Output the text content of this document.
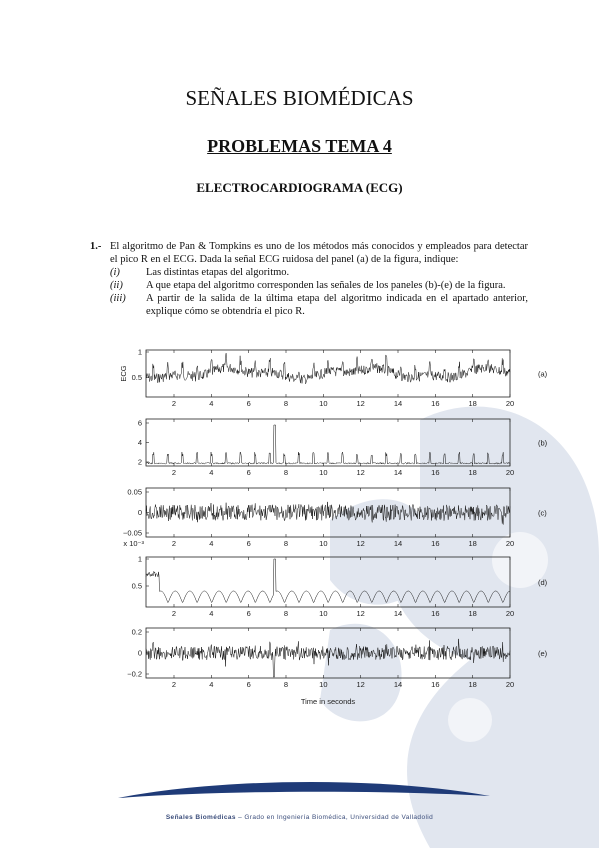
SEÑALES BIOMÉDICAS
PROBLEMAS TEMA 4
ELECTROCARDIOGRAMA (ECG)
1.- El algoritmo de Pan & Tompkins es uno de los métodos más conocidos y empleados para detectar el pico R en el ECG. Dada la señal ECG ruidosa del panel (a) de la figura, indique:
(i) Las distintas etapas del algoritmo.
(ii) A que etapa del algoritmo corresponden las señales de los paneles (b)-(e) de la figura.
(iii) A partir de la salida de la última etapa del algoritmo indicada en el apartado anterior, explique cómo se obtendría el pico R.
2	4	6	8	10	12	14	16	18	20
1
0.5	(a)
ECG
2	4	6	8	10	12	14	16	18	20
6
4
2
(b)
2	4	6	8	10	12	14	16	18	20
0.05
0
−0.05
(c)
x 10⁻³
2	4	6	8	10	12	14	16	18	20
1
0.5	(d)
2	4	6	8	10	12	14	16	18	20
0.2
0
−0.2
(e)
Time in seconds
Señales Biomédicas – Grado en Ingeniería Biomédica, Universidad de Valladolid
